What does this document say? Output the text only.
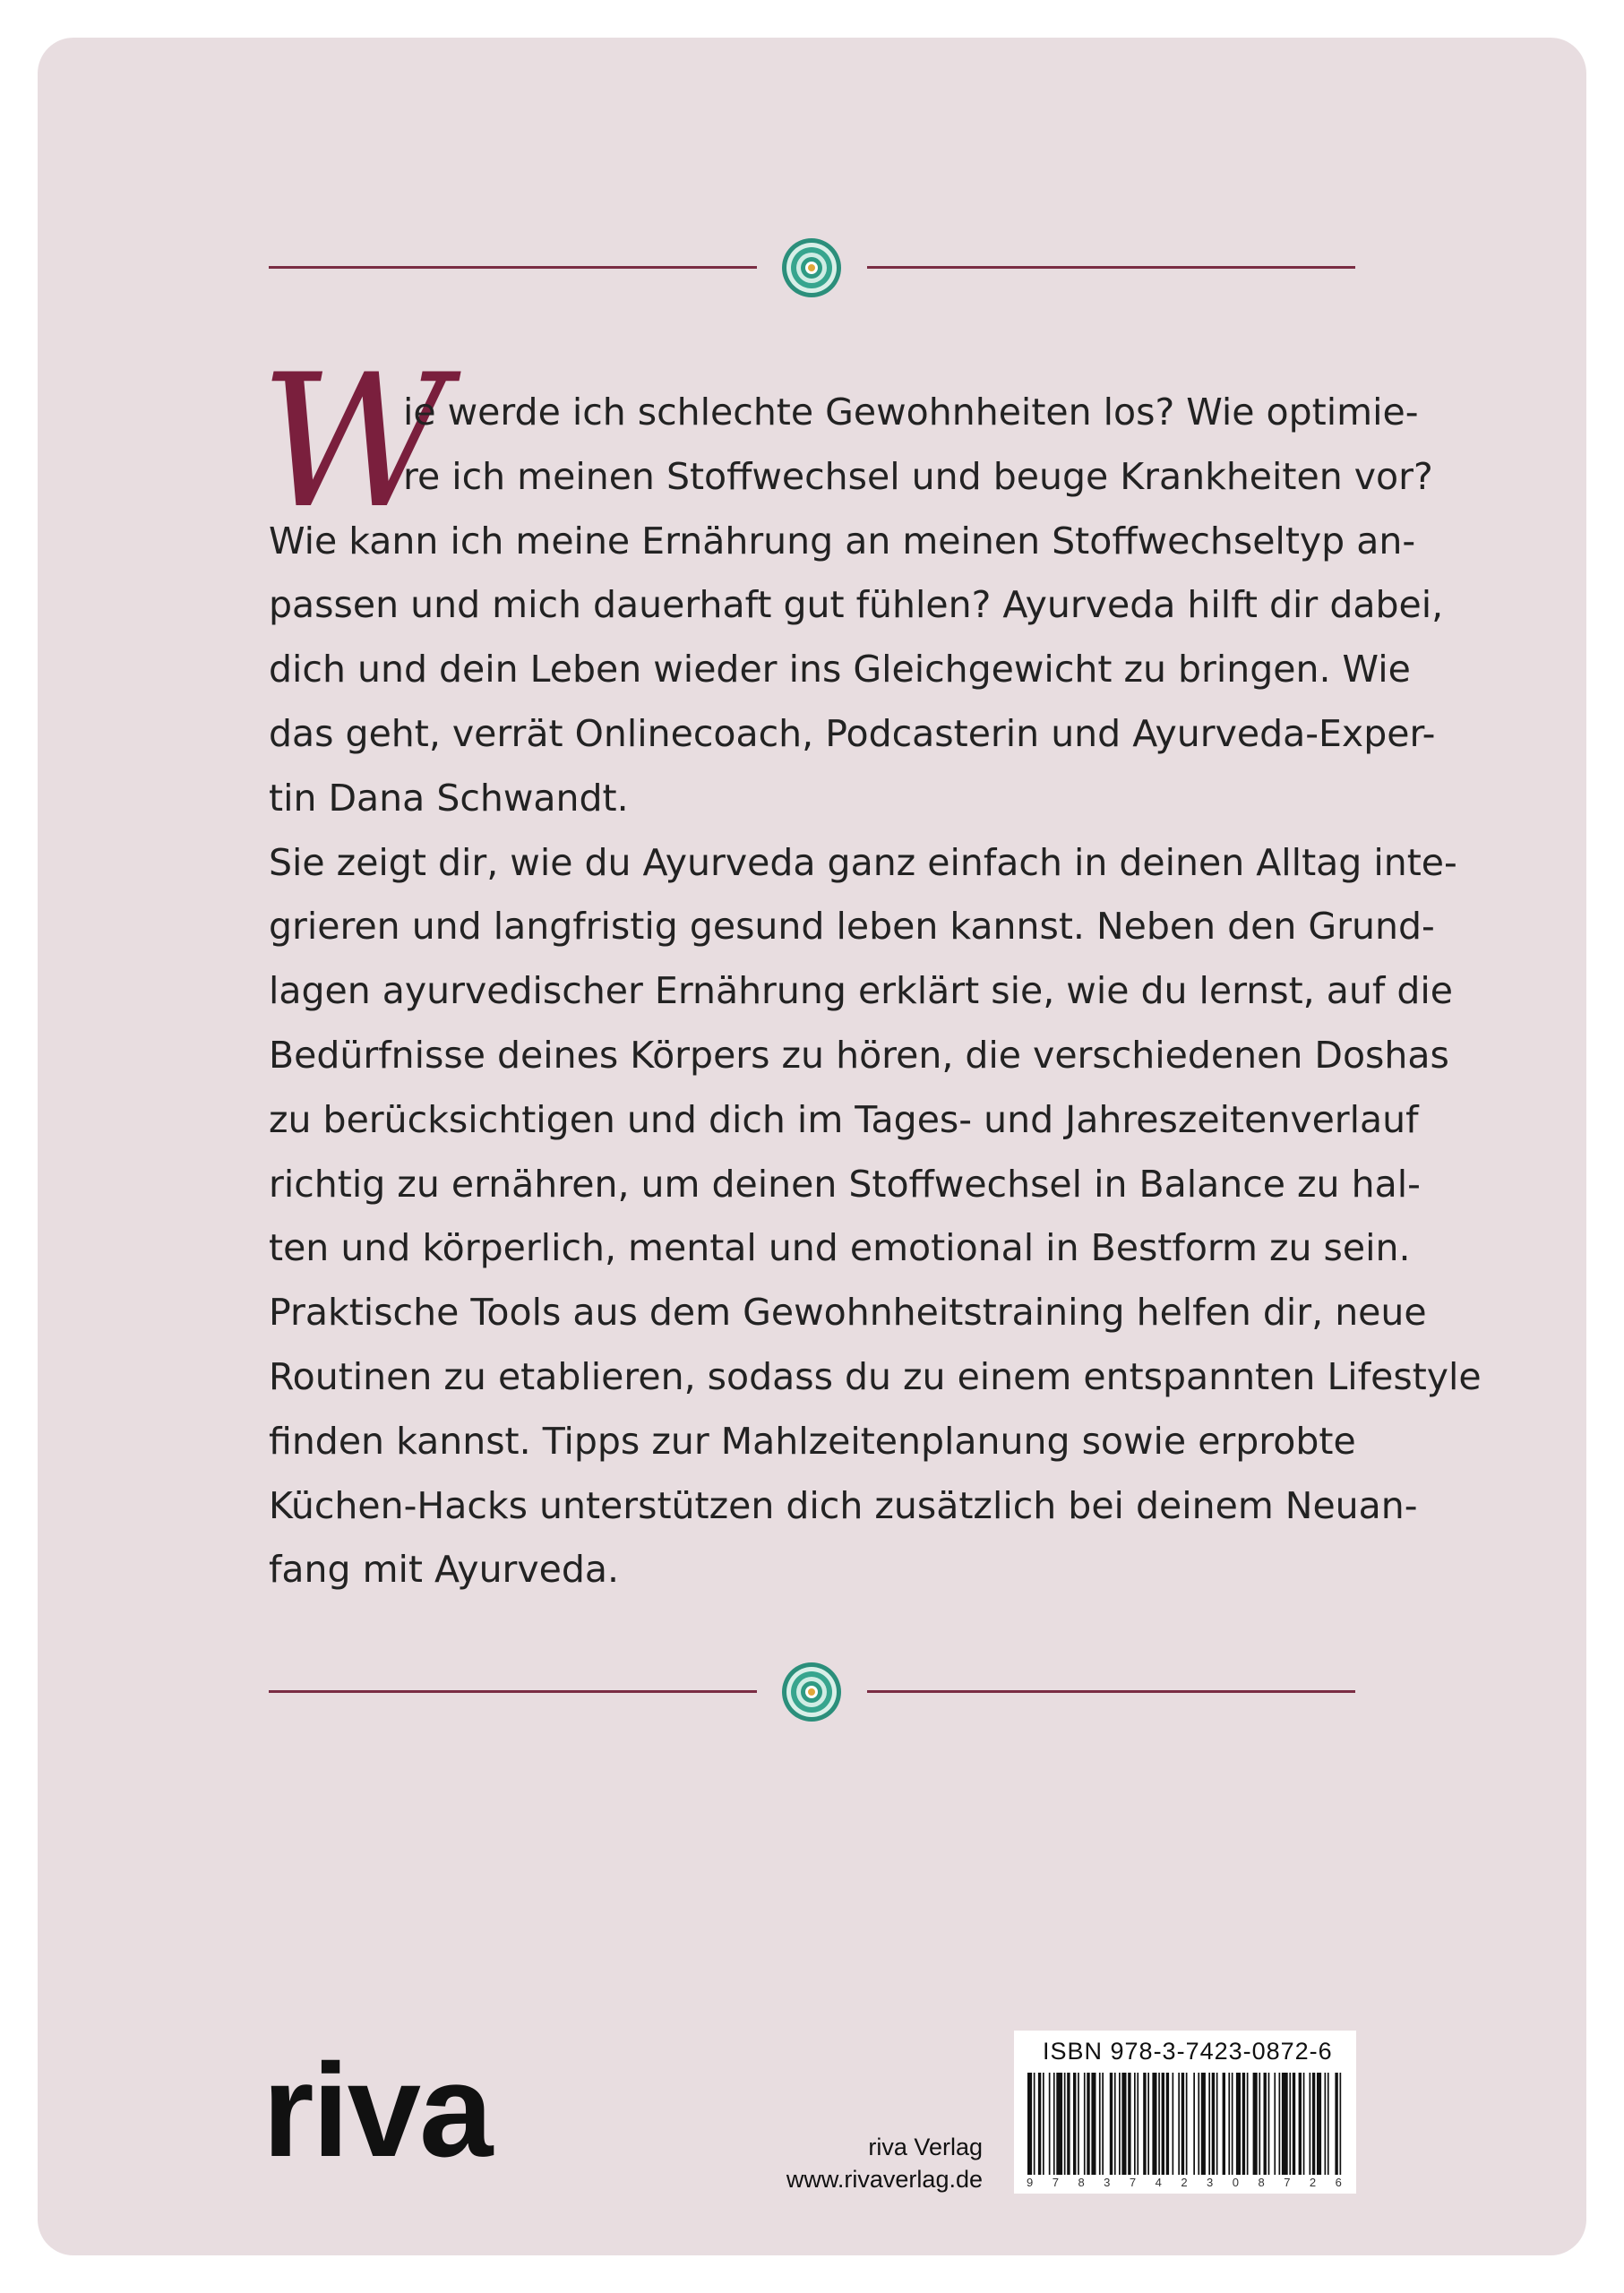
W
ie werde ich schlechte Gewohnheiten los? Wie optimie-
re ich meinen Stoffwechsel und beuge Krankheiten vor?
Wie kann ich meine Ernährung an meinen Stoffwechseltyp an-
passen und mich dauerhaft gut fühlen? Ayurveda hilft dir dabei,
dich und dein Leben wieder ins Gleichgewicht zu bringen. Wie
das geht, verrät Onlinecoach, Podcasterin und Ayurveda-Exper-
tin Dana Schwandt.
Sie zeigt dir, wie du Ayurveda ganz einfach in deinen Alltag inte-
grieren und langfristig gesund leben kannst. Neben den Grund-
lagen ayurvedischer Ernährung erklärt sie, wie du lernst, auf die
Bedürfnisse deines Körpers zu hören, die verschiedenen Doshas
zu berücksichtigen und dich im Tages- und Jahreszeitenverlauf
richtig zu ernähren, um deinen Stoffwechsel in Balance zu hal-
ten und körperlich, mental und emotional in Bestform zu sein.
Praktische Tools aus dem Gewohnheitstraining helfen dir, neue
Routinen zu etablieren, sodass du zu einem entspannten Lifestyle
finden kannst. Tipps zur Mahlzeitenplanung sowie erprobte
Küchen-Hacks unterstützen dich zusätzlich bei deinem Neuan-
fang mit Ayurveda.
riva	riva Verlag
www.rivaverlag.de
ISBN 978-3-7423-0872-6
9 7 8 3 7 4 2 3 0 8 7 2 6
